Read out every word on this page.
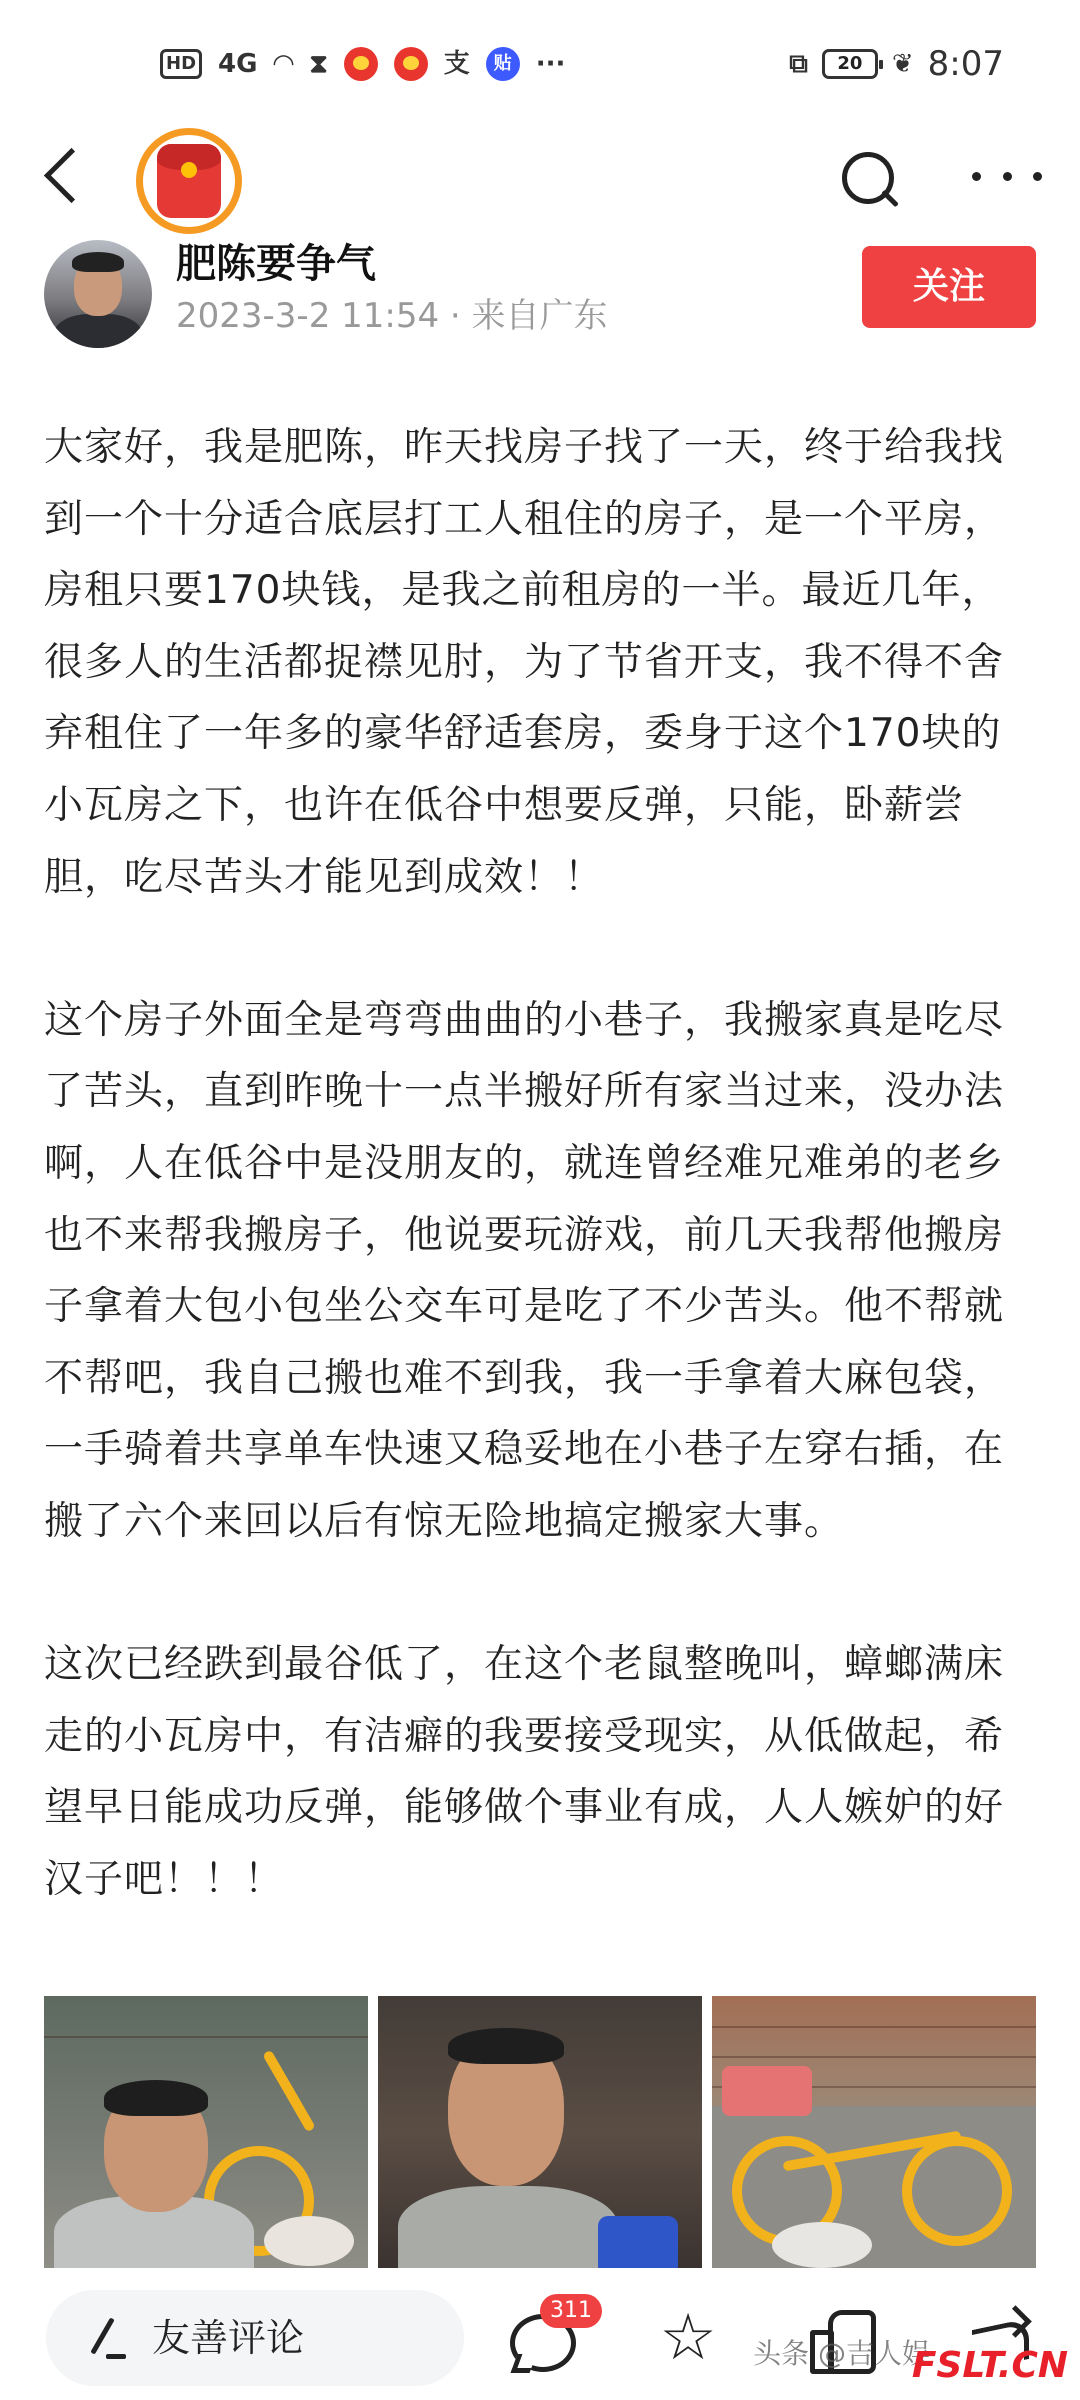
HD 4G ◠ ⧗	支	贴 ···	⧉	20	❦ 8:07
肥陈要争气
2023-3-2 11:54 · 来自广东
关注

大家好，我是肥陈，昨天找房子找了一天，终于给我找到一个十分适合底层打工人租住的房子，是一个平房，房租只要170块钱，是我之前租房的一半。最近几年，很多人的生活都捉襟见肘，为了节省开支，我不得不舍弃租住了一年多的豪华舒适套房，委身于这个170块的小瓦房之下，也许在低谷中想要反弹，只能，卧薪尝胆，吃尽苦头才能见到成效！！

这个房子外面全是弯弯曲曲的小巷子，我搬家真是吃尽了苦头，直到昨晚十一点半搬好所有家当过来，没办法啊，人在低谷中是没朋友的，就连曾经难兄难弟的老乡也不来帮我搬房子，他说要玩游戏，前几天我帮他搬房子拿着大包小包坐公交车可是吃了不少苦头。他不帮就不帮吧，我自己搬也难不到我，我一手拿着大麻包袋，一手骑着共享单车快速又稳妥地在小巷子左穿右插，在搬了六个来回以后有惊无险地搞定搬家大事。

这次已经跌到最谷低了，在这个老鼠整晚叫，蟑螂满床走的小瓦房中，有洁癖的我要接受现实，从低做起，希望早日能成功反弹，能够做个事业有成，人人嫉妒的好汉子吧！！！

友善评论
311 ☆ 头条 @吉人娱
FSLT.CN
